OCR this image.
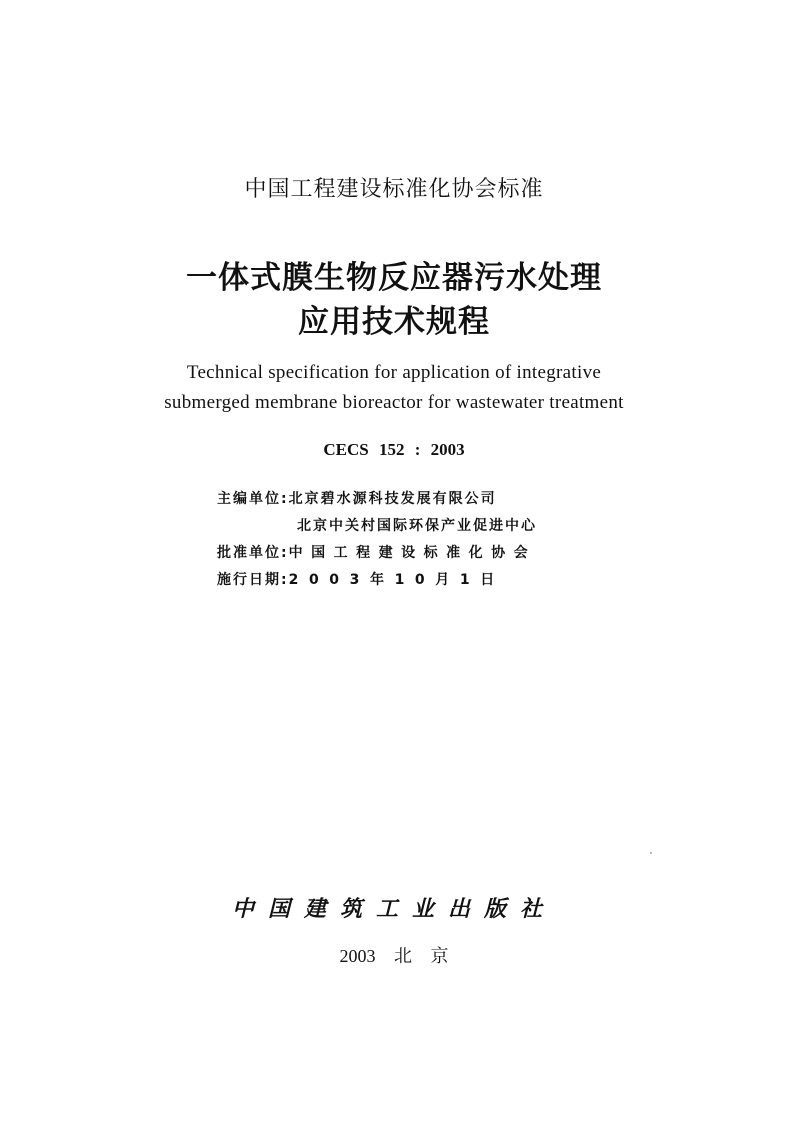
中国工程建设标准化协会标准
一体式膜生物反应器污水处理
应用技术规程
Technical specification for application of integrative
submerged membrane bioreactor for wastewater treatment
CECS 152 : 2003
主编单位:北京碧水源科技发展有限公司
北京中关村国际环保产业促进中心
批准单位:中国工程建设标准化协会
施行日期:2003年10月1日
中国建筑工业出版社
2003 北 京
